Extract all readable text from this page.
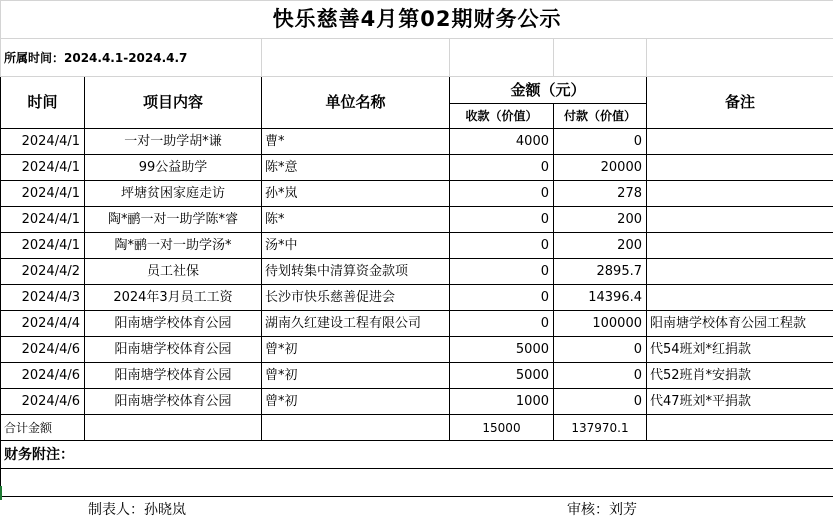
快乐慈善4月第02期财务公示					
所属时间：2024.4.1-2024.4.7					
时间	项目内容	单位名称	金额（元）		备注
			收款（价值）	付款（价值）	
2024/4/1	一对一助学胡*谦	曹*	4000	0	
2024/4/1	99公益助学	陈*意	0	20000	
2024/4/1	坪塘贫困家庭走访	孙*岚	0	278	
2024/4/1	陶*鹂一对一助学陈*睿	陈*	0	200	
2024/4/1	陶*鹂一对一助学汤*	汤*中	0	200	
2024/4/2	员工社保	待划转集中清算资金款项	0	2895.7	
2024/4/3	2024年3月员工工资	长沙市快乐慈善促进会	0	14396.4	
2024/4/4	阳南塘学校体育公园	湖南久红建设工程有限公司	0	100000	阳南塘学校体育公园工程款
2024/4/6	阳南塘学校体育公园	曾*初	5000	0	代54班刘*红捐款
2024/4/6	阳南塘学校体育公园	曾*初	5000	0	代52班肖*安捐款
2024/4/6	阳南塘学校体育公园	曾*初	1000	0	代47班刘*平捐款
合计金额			15000	137970.1	
财务附注：					

	制表人：孙晓岚			审核：刘芳	
